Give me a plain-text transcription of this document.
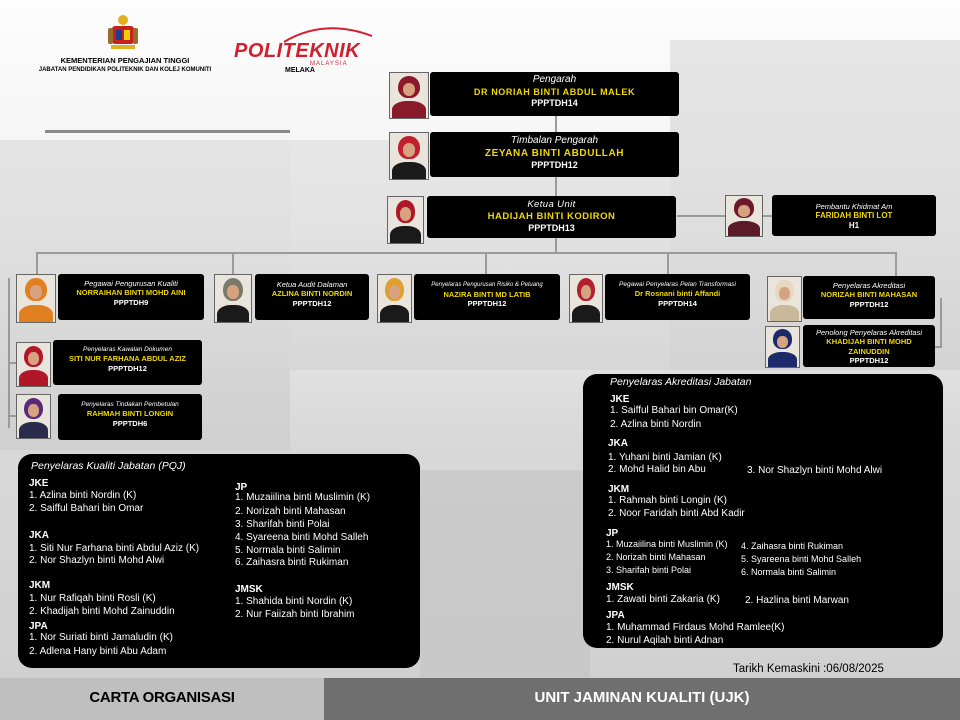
KEMENTERIAN PENGAJIAN TINGGI
JABATAN PENDIDIKAN POLITEKNIK DAN KOLEJ KOMUNITI
POLITEKNIK
MALAYSIA
MELAKA
Pengarah
DR NORIAH BINTI ABDUL MALEK
PPPTDH14
Timbalan Pengarah
ZEYANA BINTI ABDULLAH
PPPTDH12
Ketua Unit
HADIJAH BINTI KODIRON
PPPTDH13
Pembantu Khidmat Am
FARIDAH BINTI LOT
H1
Pegawai Pengurusan Kualiti
NORRAIHAN BINTI MOHD AINI
PPPTDH9
Ketua Audit Dalaman
AZLINA BINTI NORDIN
PPPTDH12
Penyelaras Pengurusan Risiko & Peluang
NAZIRA BINTI MD LATIB
PPPTDH12
Pegawai Penyelaras Pelan Transformasi
Dr Rosnani binti Affandi
PPPTDH14
Penyelaras Akreditasi
NORIZAH BINTI MAHASAN
PPPTDH12
Penolong Penyelaras Akreditasi
KHADIJAH BINTI MOHD ZAINUDDIN
PPPTDH12
Penyelaras Kawalan Dokumen
SITI NUR FARHANA ABDUL AZIZ
PPPTDH12
Penyelaras Tindakan Pembetulan
RAHMAH BINTI LONGIN
PPPTDH6
Penyelaras Kualiti Jabatan (PQJ)
JKE
1. Azlina binti Nordin (K)
2. Saifful Bahari bin Omar
JKA
1. Siti Nur Farhana binti Abdul Aziz (K)
2. Nor Shazlyn binti Mohd Alwi
JKM
1. Nur Rafiqah binti Rosli (K)
2. Khadijah binti Mohd Zainuddin
JPA
1. Nor Suriati binti Jamaludin (K)
2. Adlena Hany binti Abu Adam
JP
1. Muzaiilina binti Muslimin (K)
2. Norizah binti Mahasan
3. Sharifah binti Polai
4. Syareena binti Mohd Salleh
5. Normala binti Salimin
6. Zaihasra binti Rukiman
JMSK
1. Shahida binti Nordin (K)
2. Nur Faiizah binti Ibrahim
Penyelaras Akreditasi Jabatan
JKE
1. Saifful Bahari bin Omar(K)
2. Azlina binti Nordin
JKA
1. Yuhani binti Jamian (K)
2. Mohd Halid bin Abu	3. Nor Shazlyn binti Mohd Alwi
JKM
1. Rahmah binti Longin (K)
2. Noor Faridah binti Abd Kadir
JP
1. Muzaiilina binti Muslimin (K)
2. Norizah binti Mahasan
3. Sharifah binti Polai
4. Zaihasra binti Rukiman
5. Syareena binti Mohd Salleh
6. Normala binti Salimin
JMSK
1. Zawati binti Zakaria (K)	2. Hazlina binti Marwan
JPA
1. Muhammad Firdaus Mohd Ramlee(K)
2. Nurul Aqilah binti Adnan
Tarikh Kemaskini :06/08/2025
CARTA ORGANISASI	UNIT JAMINAN KUALITI (UJK)
